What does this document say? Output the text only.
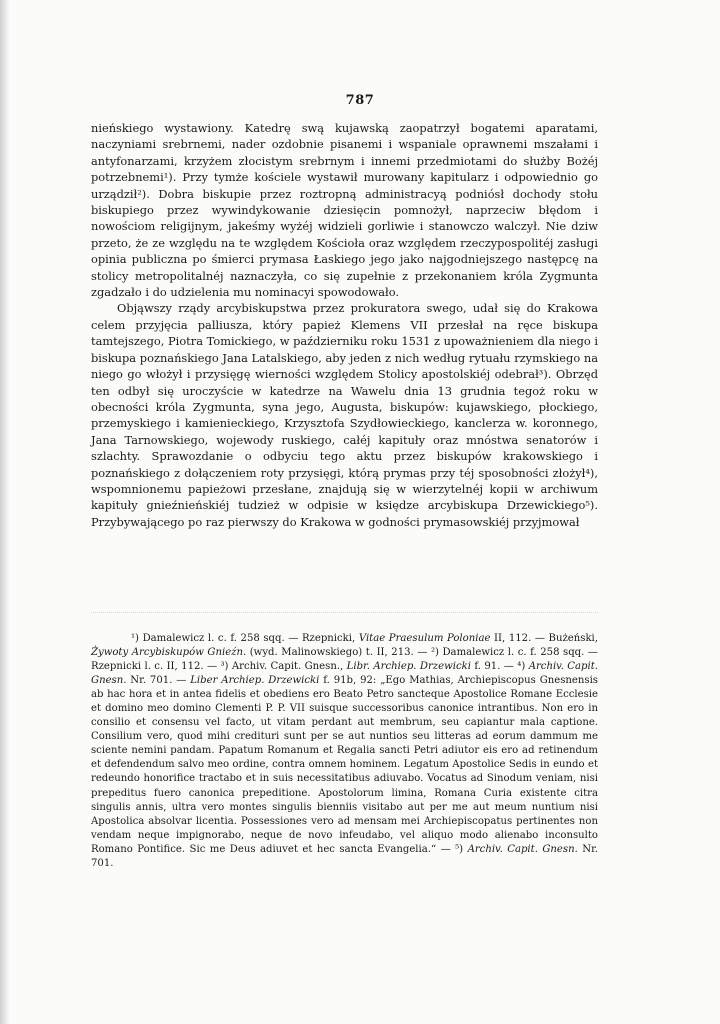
787

nieńskiego wystawiony. Katedrę swą kujawską zaopatrzył bogatemi aparatami, naczyniami srebrnemi, nader ozdobnie pisanemi i wspaniale oprawnemi mszałami i antyfonarzami, krzyżem złocistym srebrnym i innemi przedmiotami do służby Bożéj potrzebnemi¹). Przy tymże kościele wystawił murowany kapitularz i odpowiednio go urządził²). Dobra biskupie przez roztropną administracyą podniósł dochody stołu biskupiego przez wywindykowanie dziesięcin pomnożył, naprzeciw błędom i nowościom religijnym, jakeśmy wyżéj widzieli gorliwie i stanowczo walczył. Nie dziw przeto, że ze względu na te względem Kościoła oraz względem rzeczypospolitéj zasługi opinia publiczna po śmierci prymasa Łaskiego jego jako najgodniejszego następcę na stolicy metropolitalnéj naznaczyła, co się zupełnie z przekonaniem króla Zygmunta zgadzało i do udzielenia mu nominacyi spowodowało.

Objąwszy rządy arcybiskupstwa przez prokuratora swego, udał się do Krakowa celem przyjęcia palliusza, który papież Klemens VII przesłał na ręce biskupa tamtejszego, Piotra Tomickiego, w październiku roku 1531 z upoważnieniem dla niego i biskupa poznańskiego Jana Latalskiego, aby jeden z nich według rytuału rzymskiego na niego go włożył i przysięgę wierności względem Stolicy apostolskiéj odebrał³). Obrzęd ten odbył się uroczyście w katedrze na Wawelu dnia 13 grudnia tegoż roku w obecności króla Zygmunta, syna jego, Augusta, biskupów: kujawskiego, płockiego, przemyskiego i kamienieckiego, Krzysztofa Szydłowieckiego, kanclerza w. koronnego, Jana Tarnowskiego, wojewody ruskiego, całéj kapituły oraz mnóstwa senatorów i szlachty. Sprawozdanie o odbyciu tego aktu przez biskupów krakowskiego i poznańskiego z dołączeniem roty przysięgi, którą prymas przy téj sposobności złożył⁴), wspomnionemu papieżowi przesłane, znajdują się w wierzytelnéj kopii w archiwum kapituły gnieźnieńskiéj tudzież w odpisie w księdze arcybiskupa Drzewickiego⁵). Przybywającego po raz pierwszy do Krakowa w godności prymasowskiéj przyjmował

¹) Damalewicz l. c. f. 258 sqq. — Rzepnicki, Vitae Praesulum Poloniae II, 112. — Bużeński, Żywoty Arcybiskupów Gnieźn. (wyd. Malinowskiego) t. II, 213. — ²) Damalewicz l. c. f. 258 sqq. — Rzepnicki l. c. II, 112. — ³) Archiv. Capit. Gnesn., Libr. Archiep. Drzewicki f. 91. — ⁴) Archiv. Capit. Gnesn. Nr. 701. — Liber Archiep. Drzewicki f. 91b, 92: „Ego Mathias, Archiepiscopus Gnesnensis ab hac hora et in antea fidelis et obediens ero Beato Petro sancteque Apostolice Romane Ecclesie et domino meo domino Clementi P. P. VII suisque successoribus canonice intrantibus. Non ero in consilio et consensu vel facto, ut vitam perdant aut membrum, seu capiantur mala captione. Consilium vero, quod mihi credituri sunt per se aut nuntios seu litteras ad eorum dammum me sciente nemini pandam. Papatum Romanum et Regalia sancti Petri adiutor eis ero ad retinendum et defendendum salvo meo ordine, contra omnem hominem. Legatum Apostolice Sedis in eundo et redeundo honorifice tractabo et in suis necessitatibus adiuvabo. Vocatus ad Sinodum veniam, nisi prepeditus fuero canonica prepeditione. Apostolorum limina, Romana Curia existente citra singulis annis, ultra vero montes singulis bienniis visitabo aut per me aut meum nuntium nisi Apostolica absolvar licentia. Possessiones vero ad mensam mei Archiepiscopatus pertinentes non vendam neque impignorabo, neque de novo infeudabo, vel aliquo modo alienabo inconsulto Romano Pontifice. Sic me Deus adiuvet et hec sancta Evangelia.“ — ⁵) Archiv. Capit. Gnesn. Nr. 701.
